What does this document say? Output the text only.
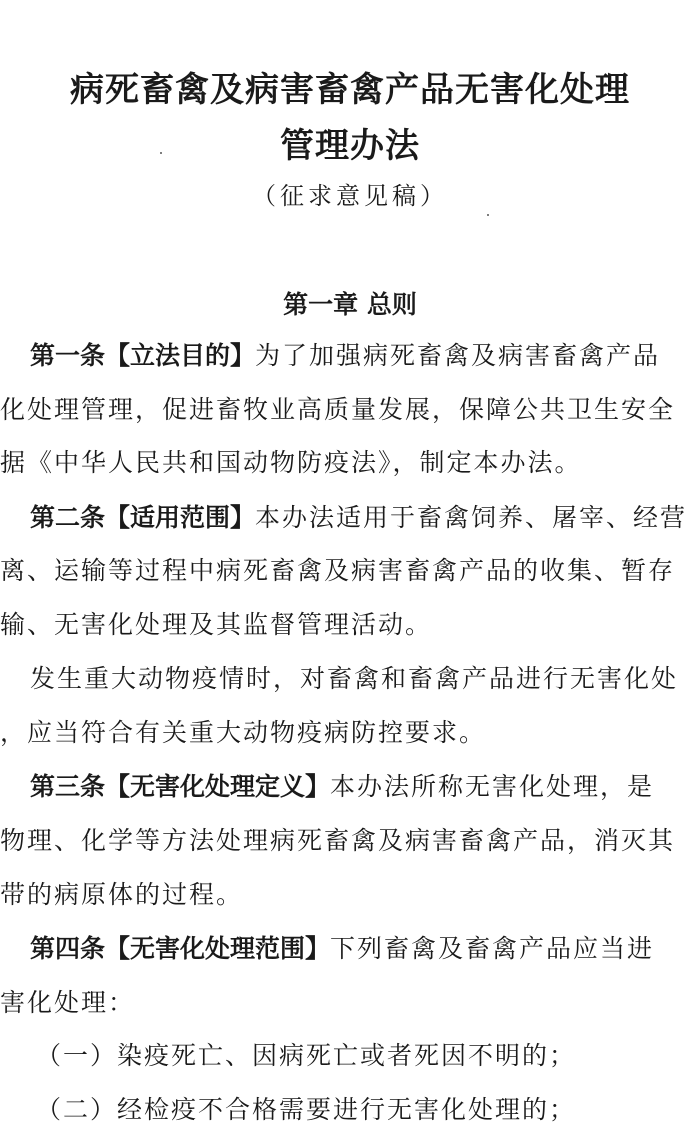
病死畜禽及病害畜禽产品无害化处理
管理办法
（征求意见稿）
第一章 总则
第一条【立法目的】为了加强病死畜禽及病害畜禽产品
化处理管理，促进畜牧业高质量发展，保障公共卫生安全
据《中华人民共和国动物防疫法》，制定本办法。
第二条【适用范围】本办法适用于畜禽饲养、屠宰、经营
离、运输等过程中病死畜禽及病害畜禽产品的收集、暂存
输、无害化处理及其监督管理活动。
发生重大动物疫情时，对畜禽和畜禽产品进行无害化处
，应当符合有关重大动物疫病防控要求。
第三条【无害化处理定义】本办法所称无害化处理，是
物理、化学等方法处理病死畜禽及病害畜禽产品，消灭其
带的病原体的过程。
第四条【无害化处理范围】下列畜禽及畜禽产品应当进
害化处理：
（一）染疫死亡、因病死亡或者死因不明的；
（二）经检疫不合格需要进行无害化处理的；
